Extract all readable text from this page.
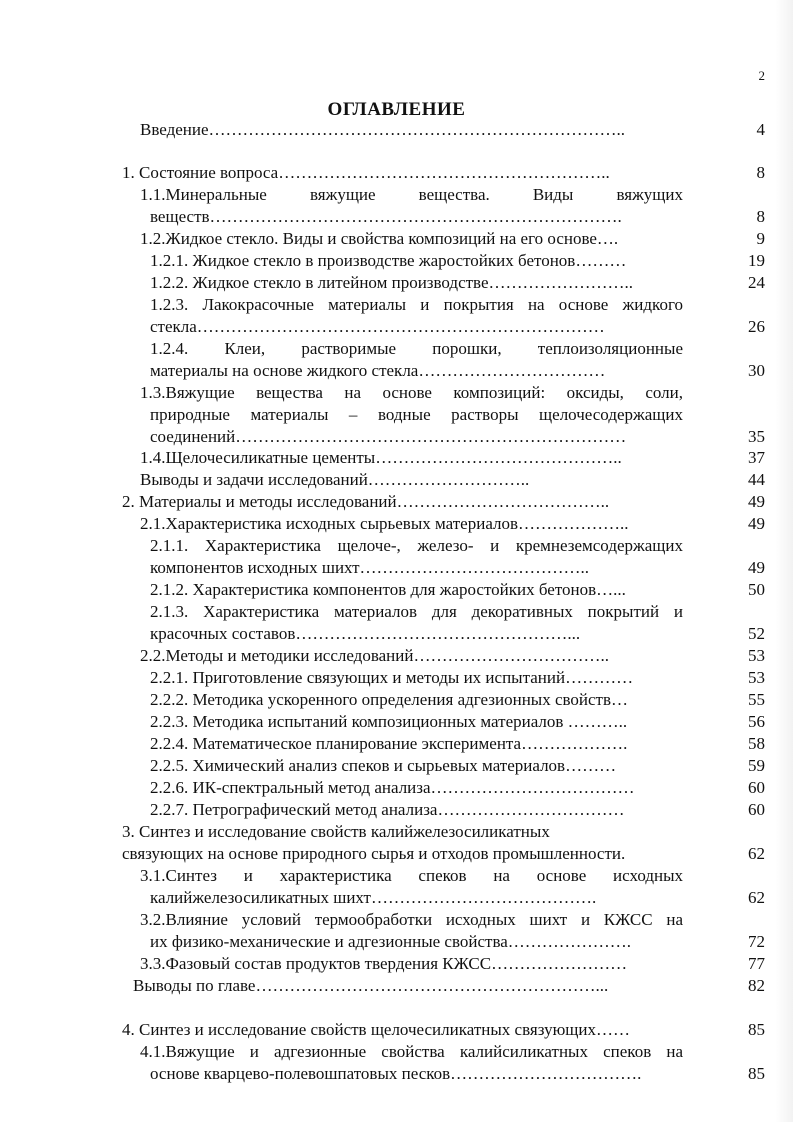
2
ОГЛАВЛЕНИЕ
Введение………………………………………………………………..	4
1. Состояние вопроса…………………………………………………..	8
1.1.Минеральные вяжущие вещества. Виды вяжущих
веществ……………………………………………………………….	8
1.2.Жидкое стекло. Виды и свойства композиций на его основе….	9
1.2.1. Жидкое стекло в производстве жаростойких бетонов………	19
1.2.2. Жидкое стекло в литейном производстве……………………..	24
1.2.3. Лакокрасочные материалы и покрытия на основе жидкого
стекла………………………………………………………………	26
1.2.4. Клеи, растворимые порошки, теплоизоляционные
материалы на основе жидкого стекла……………………………	30
1.3.Вяжущие вещества на основе композиций: оксиды, соли,
природные материалы – водные растворы щелочесодержащих
соединений……………………………………………………………	35
1.4.Щелочесиликатные цементы……………………………………..	37
Выводы и задачи исследований………………………..	44
2. Материалы и методы исследований………………………………..	49
2.1.Характеристика исходных сырьевых материалов………………..	49
2.1.1. Характеристика щелоче-, железо- и кремнеземсодержащих
компонентов исходных шихт…………………………………..	49
2.1.2. Характеристика компонентов для жаростойких бетонов…...	50
2.1.3. Характеристика материалов для декоративных покрытий и
красочных составов…………………………………………...	52
2.2.Методы и методики исследований……………………………..	53
2.2.1. Приготовление связующих и методы их испытаний…………	53
2.2.2. Методика ускоренного определения адгезионных свойств…	55
2.2.3. Методика испытаний композиционных материалов ………..	56
2.2.4. Математическое планирование эксперимента……………….	58
2.2.5. Химический анализ спеков и сырьевых материалов………	59
2.2.6. ИК-спектральный метод анализа………………………………	60
2.2.7. Петрографический метод анализа……………………………	60
3. Синтез и исследование свойств калийжелезосиликатных
связующих на основе природного сырья и отходов промышленности.	62
3.1.Синтез и характеристика спеков на основе исходных
калийжелезосиликатных шихт………………………………….	62
3.2.Влияние условий термообработки исходных шихт и КЖСС на
их физико-механические и адгезионные свойства………………….	72
3.3.Фазовый состав продуктов твердения КЖСС……………………	77
Выводы по главе……………………………………………………...	82
4. Синтез и исследование свойств щелочесиликатных связующих……	85
4.1.Вяжущие и адгезионные свойства калийсиликатных спеков на
основе кварцево-полевошпатовых песков…………………………….	85
